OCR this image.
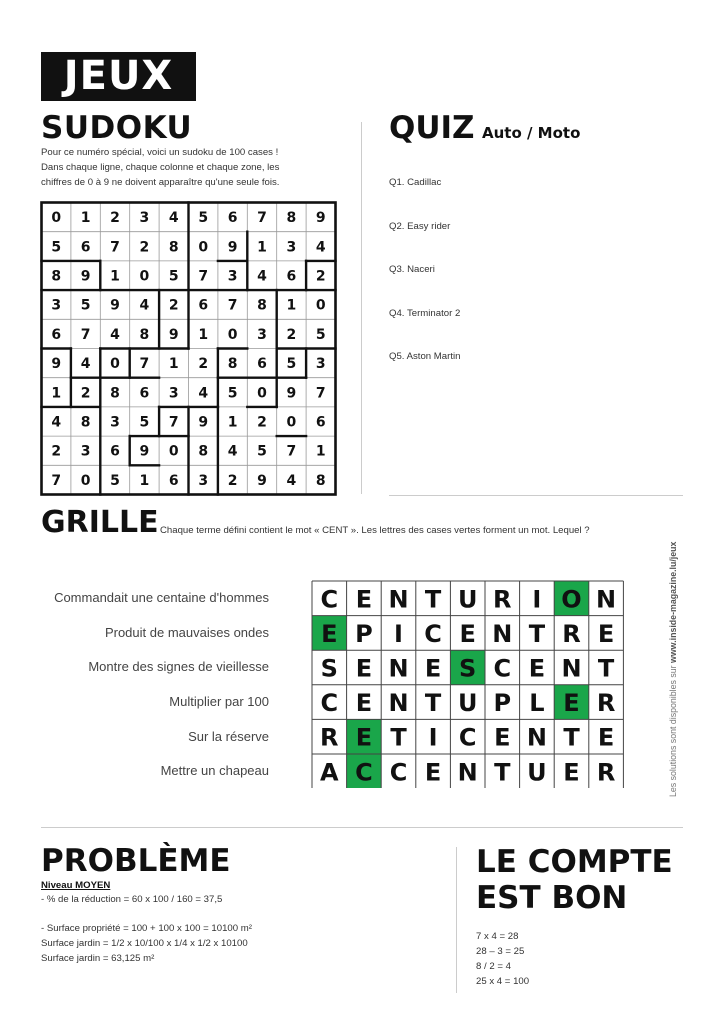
JEUX
SUDOKU
Pour ce numéro spécial, voici un sudoku de 100 cases !
Dans chaque ligne, chaque colonne et chaque zone, les
chiffres de 0 à 9 ne doivent apparaître qu'une seule fois.
0 1 2 3 4 5 6 7 8 9
5 6 7 2 8 0 9 1 3 4
8 9 1 0 5 7 3 4 6 2
3 5 9 4 2 6 7 8 1 0
6 7 4 8 9 1 0 3 2 5
9 4 0 7 1 2 8 6 5 3
1 2 8 6 3 4 5 0 9 7
4 8 3 5 7 9 1 2 0 6
2 3 6 9 0 8 4 5 7 1
7 0 5 1 6 3 2 9 4 8
QUIZ Auto / Moto
Q1. Cadillac
Q2. Easy rider
Q3. Naceri
Q4. Terminator 2
Q5. Aston Martin
GRILLE Chaque terme défini contient le mot « CENT ». Les lettres des cases vertes forment un mot. Lequel ?
Commandait une centaine d'hommes
Produit de mauvaises ondes
Montre des signes de vieillesse
Multiplier par 100
Sur la réserve
Mettre un chapeau
C E N T U R I O N
E P I C E N T R E
S E N E S C E N T
C E N T U P L E R
R E T I C E N T E
A C C E N T U E R	Les solutions sont disponibles sur www.inside-magazine.lu/jeux
PROBLÈME
Niveau MOYEN
- % de la réduction = 60 x 100 / 160 = 37,5
- Surface propriété = 100 + 100 x 100 = 10100 m²
Surface jardin = 1/2 x 10/100 x 1/4 x 1/2 x 10100
Surface jardin = 63,125 m²
LE COMPTE
EST BON
7 x 4 = 28
28 – 3 = 25
8 / 2 = 4
25 x 4 = 100
